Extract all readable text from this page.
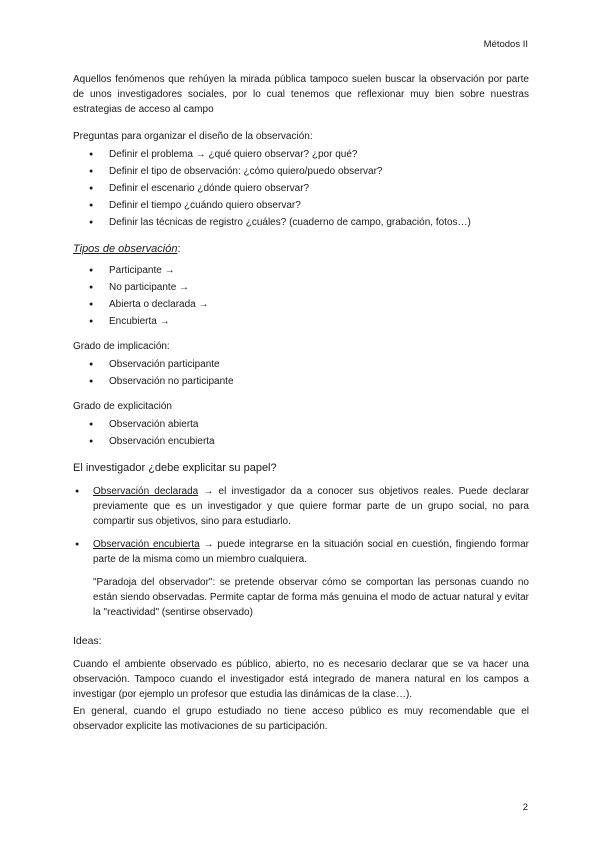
Métodos II

Aquellos fenómenos que rehúyen la mirada pública tampoco suelen buscar la observación por parte de unos investigadores sociales, por lo cual tenemos que reflexionar muy bien sobre nuestras estrategias de acceso al campo

Preguntas para organizar el diseño de la observación:

● Definir el problema → ¿qué quiero observar? ¿por qué?
● Definir el tipo de observación: ¿cómo quiero/puedo observar?
● Definir el escenario ¿dónde quiero observar?
● Definir el tiempo ¿cuándo quiero observar?
● Definir las técnicas de registro ¿cuáles? (cuaderno de campo, grabación, fotos…)

Tipos de observación:

● Participante →
● No participante →
● Abierta o declarada →
● Encubierta →

Grado de implicación:

● Observación participante
● Observación no participante

Grado de explicitación

● Observación abierta
● Observación encubierta

El investigador ¿debe explicitar su papel?

● Observación declarada → el investigador da a conocer sus objetivos reales. Puede declarar previamente que es un investigador y que quiere formar parte de un grupo social, no para compartir sus objetivos, sino para estudiarlo.
● Observación encubierta → puede integrarse en la situación social en cuestión, fingiendo formar parte de la misma como un miembro cualquiera.

"Paradoja del observador": se pretende observar cómo se comportan las personas cuando no están siendo observadas. Permite captar de forma más genuina el modo de actuar natural y evitar la "reactividad" (sentirse observado)

Ideas:

Cuando el ambiente observado es público, abierto, no es necesario declarar que se va hacer una observación. Tampoco cuando el investigador está integrado de manera natural en los campos a investigar (por ejemplo un profesor que estudia las dinámicas de la clase…).

En general, cuando el grupo estudiado no tiene acceso público es muy recomendable que el observador explicite las motivaciones de su participación.

2
